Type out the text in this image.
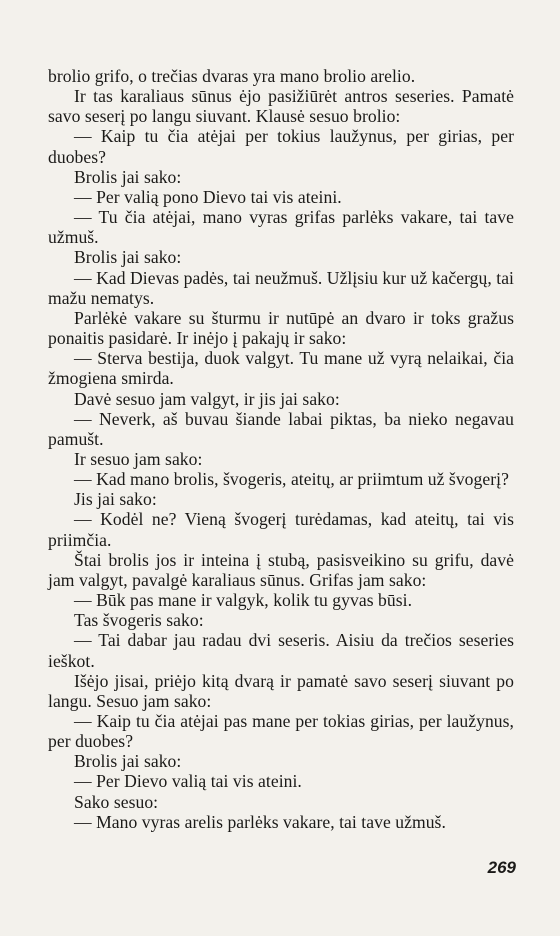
brolio grifo, o trečias dvaras yra mano brolio arelio.

Ir tas karaliaus sūnus ėjo pasižiūrėt antros seseries. Pamatė savo seserį po langu siuvant. Klausė sesuo brolio:

— Kaip tu čia atėjai per tokius laužynus, per girias, per duobes?

Brolis jai sako:

— Per valią pono Dievo tai vis ateini.

— Tu čia atėjai, mano vyras grifas parlėks vakare, tai tave užmuš.

Brolis jai sako:

— Kad Dievas padės, tai neužmuš. Užlįsiu kur už kačergų, tai mažu nematys.

Parlėkė vakare su šturmu ir nutūpė an dvaro ir toks gražus ponaitis pasidarė. Ir inėjo į pakajų ir sako:

— Sterva bestija, duok valgyt. Tu mane už vyrą nelaikai, čia žmogiena smirda.

Davė sesuo jam valgyt, ir jis jai sako:

— Neverk, aš buvau šiande labai piktas, ba nieko negavau pamušt.

Ir sesuo jam sako:

— Kad mano brolis, švogeris, ateitų, ar priimtum už švogerį?

Jis jai sako:

— Kodėl ne? Vieną švogerį turėdamas, kad ateitų, tai vis priimčia.

Štai brolis jos ir inteina į stubą, pasisveikino su grifu, davė jam valgyt, pavalgė karaliaus sūnus. Grifas jam sako:

— Būk pas mane ir valgyk, kolik tu gyvas būsi.

Tas švogeris sako:

— Tai dabar jau radau dvi seseris. Aisiu da trečios seseries ieškot.

Išėjo jisai, priėjo kitą dvarą ir pamatė savo seserį siuvant po langu. Sesuo jam sako:

— Kaip tu čia atėjai pas mane per tokias girias, per laužynus, per duobes?

Brolis jai sako:

— Per Dievo valią tai vis ateini.

Sako sesuo:

— Mano vyras arelis parlėks vakare, tai tave užmuš.

269
